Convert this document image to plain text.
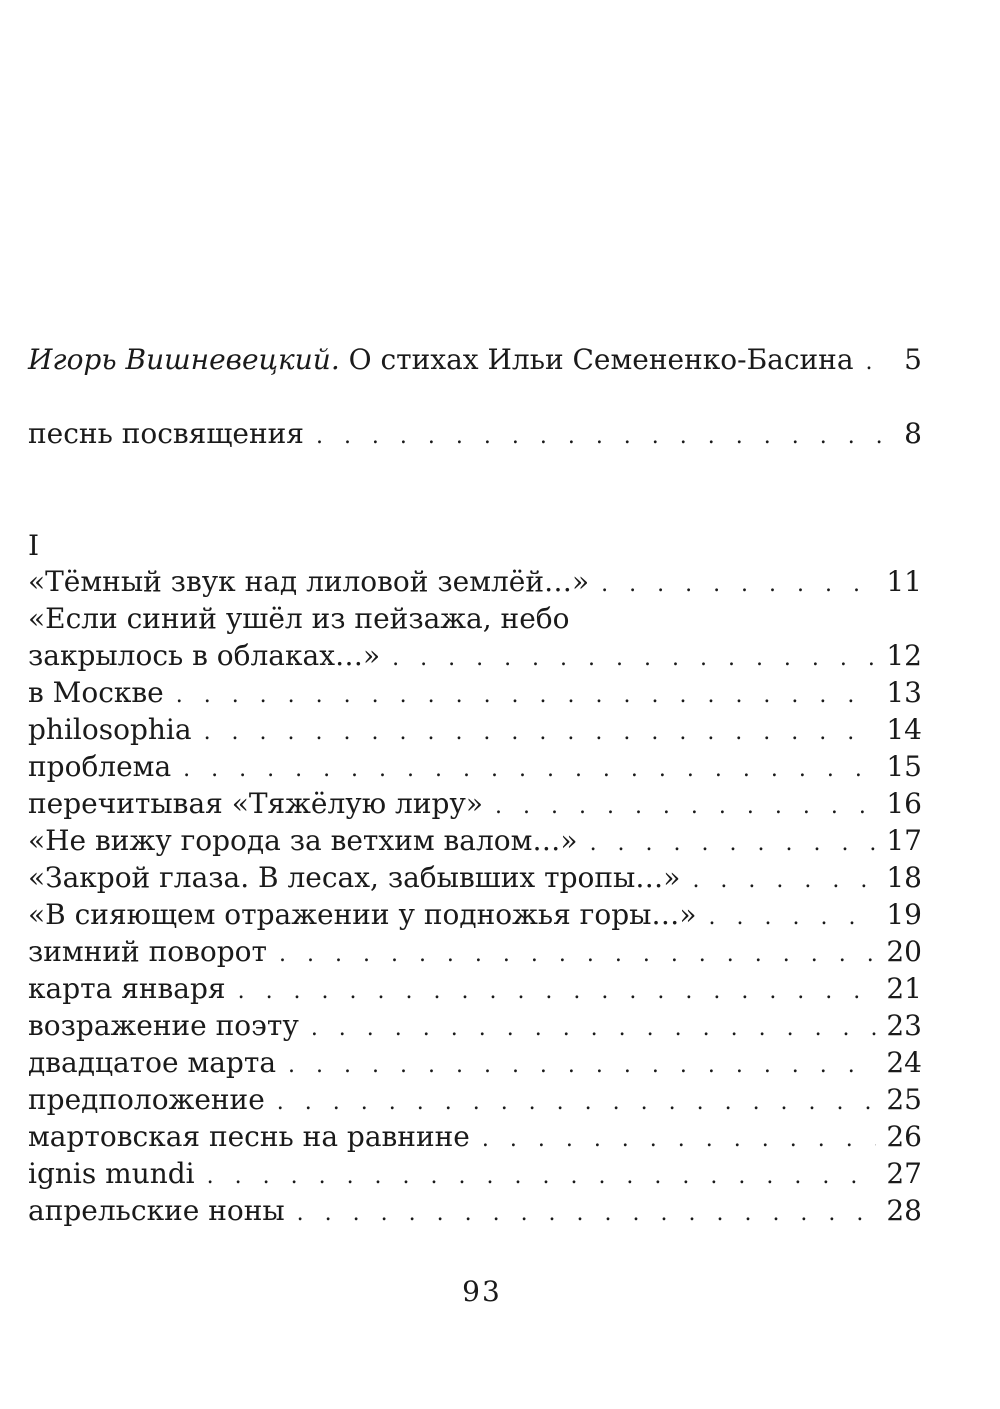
Игорь Вишневецкий. О стихах Ильи Семененко-Басина . . . 5
песнь посвящения . . .	8
I
«Тёмный звук над лиловой землёй…» . . .	11
«Если синий ушёл из пейзажа, небо
закрылось в облаках…» . . .	12
в Москве . . .	13
philosophia . . .	14
проблема . . .	15
перечитывая «Тяжёлую лиру» . . .	16
«Не вижу города за ветхим валом…» . . .	17
«Закрой глаза. В лесах, забывших тропы…» . . .	18
«В сияющем отражении у подножья горы…» . . .	19
зимний поворот . . .	20
карта января . . .	21
возражение поэту . . .	23
двадцатое марта . . .	24
предположение . . .	25
мартовская песнь на равнине . . .	26
ignis mundi . . .	27
апрельские ноны . . .	28
93
